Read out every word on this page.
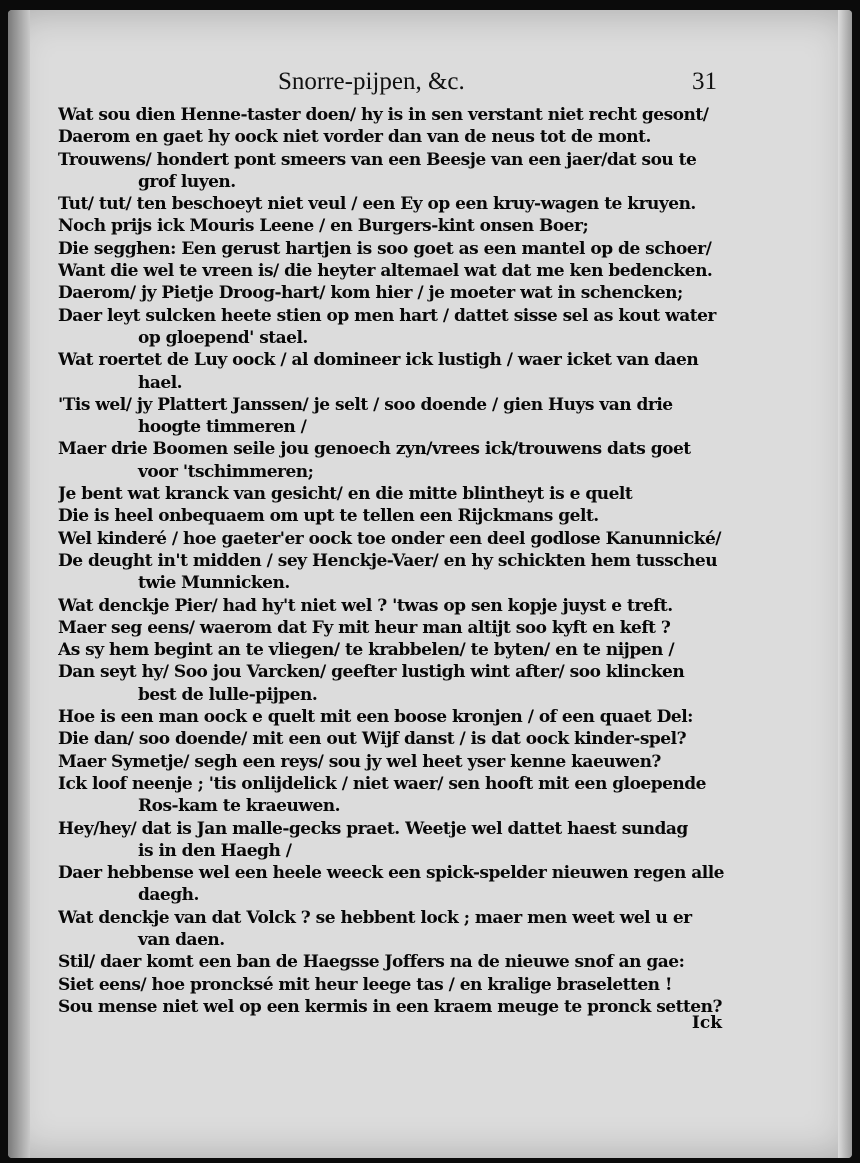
Snorre-pijpen, &c.	31
Wat sou dien Henne-taster doen/ hy is in sen verstant niet recht gesont/
Daerom en gaet hy oock niet vorder dan van de neus tot de mont.
Trouwens/ hondert pont smeers van een Beesje van een jaer/dat sou te
grof luyen.
Tut/ tut/ ten beschoeyt niet veul / een Ey op een kruy-wagen te kruyen.
Noch prijs ick Mouris Leene / en Burgers-kint onsen Boer;
Die segghen: Een gerust hartjen is soo goet as een mantel op de schoer/
Want die wel te vreen is/ die heyter altemael wat dat me ken bedencken.
Daerom/ jy Pietje Droog-hart/ kom hier / je moeter wat in schencken;
Daer leyt sulcken heete stien op men hart / dattet sisse sel as kout water
op gloepend' stael.
Wat roertet de Luy oock / al domineer ick lustigh / waer icket van daen
hael.
'Tis wel/ jy Plattert Janssen/ je selt / soo doende / gien Huys van drie
hoogte timmeren /
Maer drie Boomen seile jou genoech zyn/vrees ick/trouwens dats goet
voor 'tschimmeren;
Je bent wat kranck van gesicht/ en die mitte blintheyt is e quelt
Die is heel onbequaem om upt te tellen een Rijckmans gelt.
Wel kinderé / hoe gaeter'er oock toe onder een deel godlose Kanunnické/
De deught in't midden / sey Henckje-Vaer/ en hy schickten hem tusscheu
twie Munnicken.
Wat denckje Pier/ had hy't niet wel ? 'twas op sen kopje juyst e treft.
Maer seg eens/ waerom dat Fy mit heur man altijt soo kyft en keft ?
As sy hem begint an te vliegen/ te krabbelen/ te byten/ en te nijpen /
Dan seyt hy/ Soo jou Varcken/ geefter lustigh wint after/ soo klincken
best de lulle-pijpen.
Hoe is een man oock e quelt mit een boose kronjen / of een quaet Del:
Die dan/ soo doende/ mit een out Wijf danst / is dat oock kinder-spel?
Maer Symetje/ segh een reys/ sou jy wel heet yser kenne kaeuwen?
Ick loof neenje ; 'tis onlijdelick / niet waer/ sen hooft mit een gloepende
Ros-kam te kraeuwen.
Hey/hey/ dat is Jan malle-gecks praet. Weetje wel dattet haest sundag
is in den Haegh /
Daer hebbense wel een heele weeck een spick-spelder nieuwen regen alle
daegh.
Wat denckje van dat Volck ? se hebbent lock ; maer men weet wel u er
van daen.
Stil/ daer komt een ban de Haegsse Joffers na de nieuwe snof an gae:
Siet eens/ hoe proncksé mit heur leege tas / en kralige braseletten !
Sou mense niet wel op een kermis in een kraem meuge te pronck setten?
Ick
